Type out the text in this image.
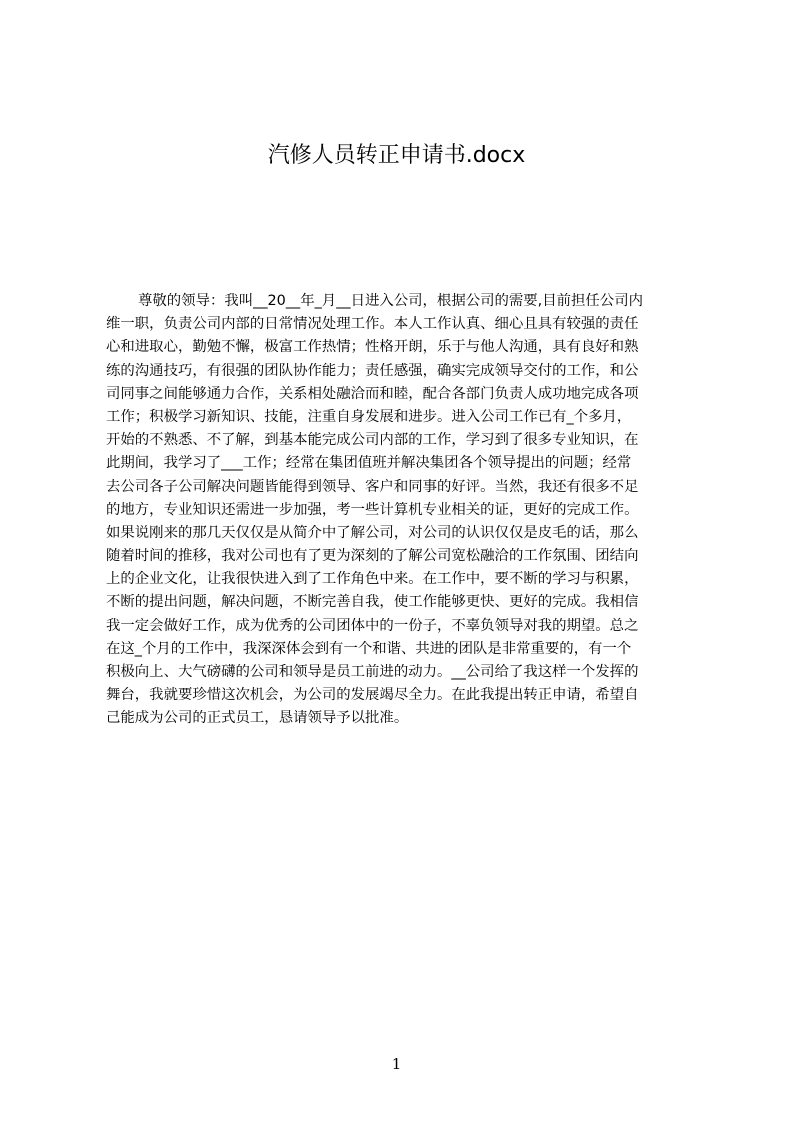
汽修人员转正申请书.docx
尊敬的领导：我叫__20__年_月__日进入公司，根据公司的需要,目前担任公司内
维一职，负责公司内部的日常情况处理工作。本人工作认真、细心且具有较强的责任
心和进取心，勤勉不懈，极富工作热情；性格开朗，乐于与他人沟通，具有良好和熟
练的沟通技巧，有很强的团队协作能力；责任感强，确实完成领导交付的工作，和公
司同事之间能够通力合作，关系相处融洽而和睦，配合各部门负责人成功地完成各项
工作；积极学习新知识、技能，注重自身发展和进步。进入公司工作已有_个多月，
开始的不熟悉、不了解，到基本能完成公司内部的工作，学习到了很多专业知识，在
此期间，我学习了___工作；经常在集团值班并解决集团各个领导提出的问题；经常
去公司各子公司解决问题皆能得到领导、客户和同事的好评。当然，我还有很多不足
的地方，专业知识还需进一步加强，考一些计算机专业相关的证，更好的完成工作。
如果说刚来的那几天仅仅是从简介中了解公司，对公司的认识仅仅是皮毛的话，那么
随着时间的推移，我对公司也有了更为深刻的了解公司宽松融洽的工作氛围、团结向
上的企业文化，让我很快进入到了工作角色中来。在工作中，要不断的学习与积累，
不断的提出问题，解决问题，不断完善自我，使工作能够更快、更好的完成。我相信
我一定会做好工作，成为优秀的公司团体中的一份子，不辜负领导对我的期望。总之
在这_个月的工作中，我深深体会到有一个和谐、共进的团队是非常重要的，有一个
积极向上、大气磅礴的公司和领导是员工前进的动力。__公司给了我这样一个发挥的
舞台，我就要珍惜这次机会，为公司的发展竭尽全力。在此我提出转正申请，希望自
己能成为公司的正式员工，恳请领导予以批准。
1
